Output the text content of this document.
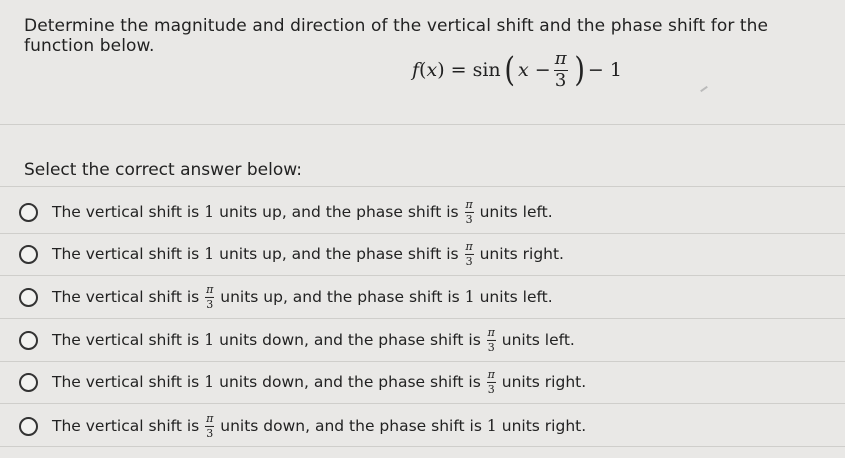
Determine the magnitude and direction of the vertical shift and the phase shift for the function below.
f(x) = sin ( $x - \frac{\pi}{3}$ ) − 1
Select the correct answer below:
The vertical shift is 1 units up, and the phase shift is $\frac{\pi}{3}$ units left.
The vertical shift is 1 units up, and the phase shift is $\frac{\pi}{3}$ units right.
The vertical shift is $\frac{\pi}{3}$ units up, and the phase shift is 1 units left.
The vertical shift is 1 units down, and the phase shift is $\frac{\pi}{3}$ units left.
The vertical shift is 1 units down, and the phase shift is $\frac{\pi}{3}$ units right.
The vertical shift is $\frac{\pi}{3}$ units down, and the phase shift is 1 units right.
